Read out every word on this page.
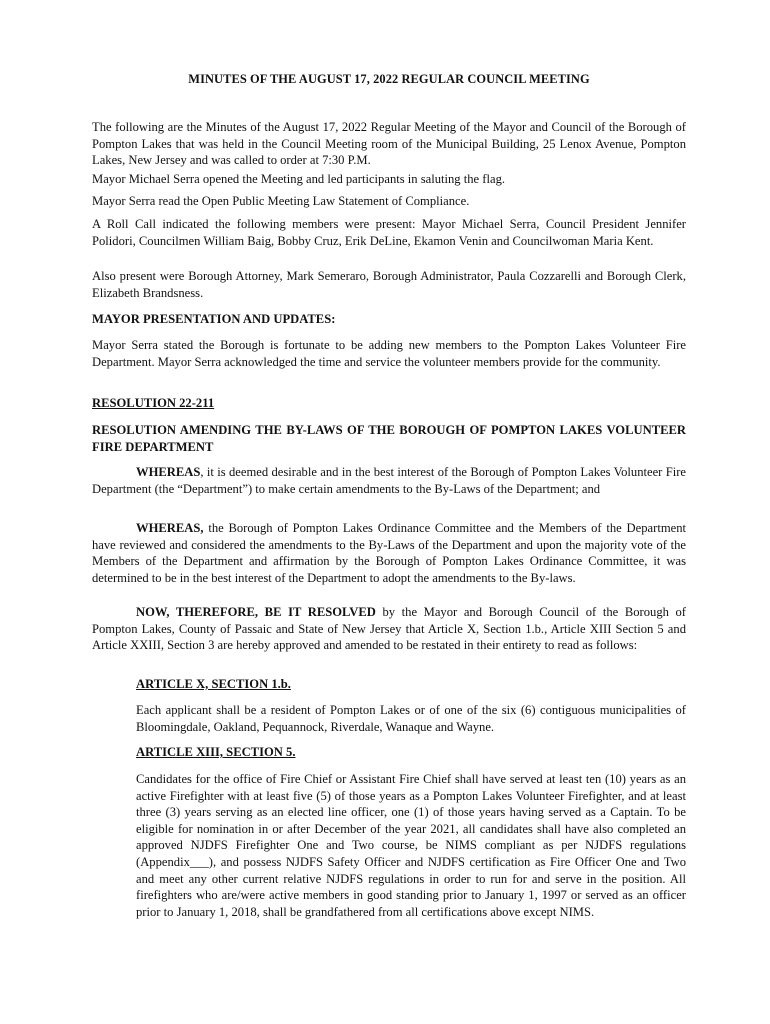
MINUTES OF THE AUGUST 17, 2022 REGULAR COUNCIL MEETING

The following are the Minutes of the August 17, 2022 Regular Meeting of the Mayor and Council of the Borough of Pompton Lakes that was held in the Council Meeting room of the Municipal Building, 25 Lenox Avenue, Pompton Lakes, New Jersey and was called to order at 7:30 P.M.

Mayor Michael Serra opened the Meeting and led participants in saluting the flag.

Mayor Serra read the Open Public Meeting Law Statement of Compliance.

A Roll Call indicated the following members were present: Mayor Michael Serra, Council President Jennifer Polidori, Councilmen William Baig, Bobby Cruz, Erik DeLine, Ekamon Venin and Councilwoman Maria Kent.

Also present were Borough Attorney, Mark Semeraro, Borough Administrator, Paula Cozzarelli and Borough Clerk, Elizabeth Brandsness.

MAYOR PRESENTATION AND UPDATES:

Mayor Serra stated the Borough is fortunate to be adding new members to the Pompton Lakes Volunteer Fire Department. Mayor Serra acknowledged the time and service the volunteer members provide for the community.

RESOLUTION 22-211

RESOLUTION AMENDING THE BY-LAWS OF THE BOROUGH OF POMPTON LAKES VOLUNTEER FIRE DEPARTMENT

WHEREAS, it is deemed desirable and in the best interest of the Borough of Pompton Lakes Volunteer Fire Department (the “Department”) to make certain amendments to the By-Laws of the Department; and

WHEREAS, the Borough of Pompton Lakes Ordinance Committee and the Members of the Department have reviewed and considered the amendments to the By-Laws of the Department and upon the majority vote of the Members of the Department and affirmation by the Borough of Pompton Lakes Ordinance Committee, it was determined to be in the best interest of the Department to adopt the amendments to the By-laws.

NOW, THEREFORE, BE IT RESOLVED by the Mayor and Borough Council of the Borough of Pompton Lakes, County of Passaic and State of New Jersey that Article X, Section 1.b., Article XIII Section 5 and Article XXIII, Section 3 are hereby approved and amended to be restated in their entirety to read as follows:

ARTICLE X, SECTION 1.b.

Each applicant shall be a resident of Pompton Lakes or of one of the six (6) contiguous municipalities of Bloomingdale, Oakland, Pequannock, Riverdale, Wanaque and Wayne.

ARTICLE XIII, SECTION 5.

Candidates for the office of Fire Chief or Assistant Fire Chief shall have served at least ten (10) years as an active Firefighter with at least five (5) of those years as a Pompton Lakes Volunteer Firefighter, and at least three (3) years serving as an elected line officer, one (1) of those years having served as a Captain. To be eligible for nomination in or after December of the year 2021, all candidates shall have also completed an approved NJDFS Firefighter One and Two course, be NIMS compliant as per NJDFS regulations (Appendix___), and possess NJDFS Safety Officer and NJDFS certification as Fire Officer One and Two and meet any other current relative NJDFS regulations in order to run for and serve in the position. All firefighters who are/were active members in good standing prior to January 1, 1997 or served as an officer prior to January 1, 2018, shall be grandfathered from all certifications above except NIMS.
